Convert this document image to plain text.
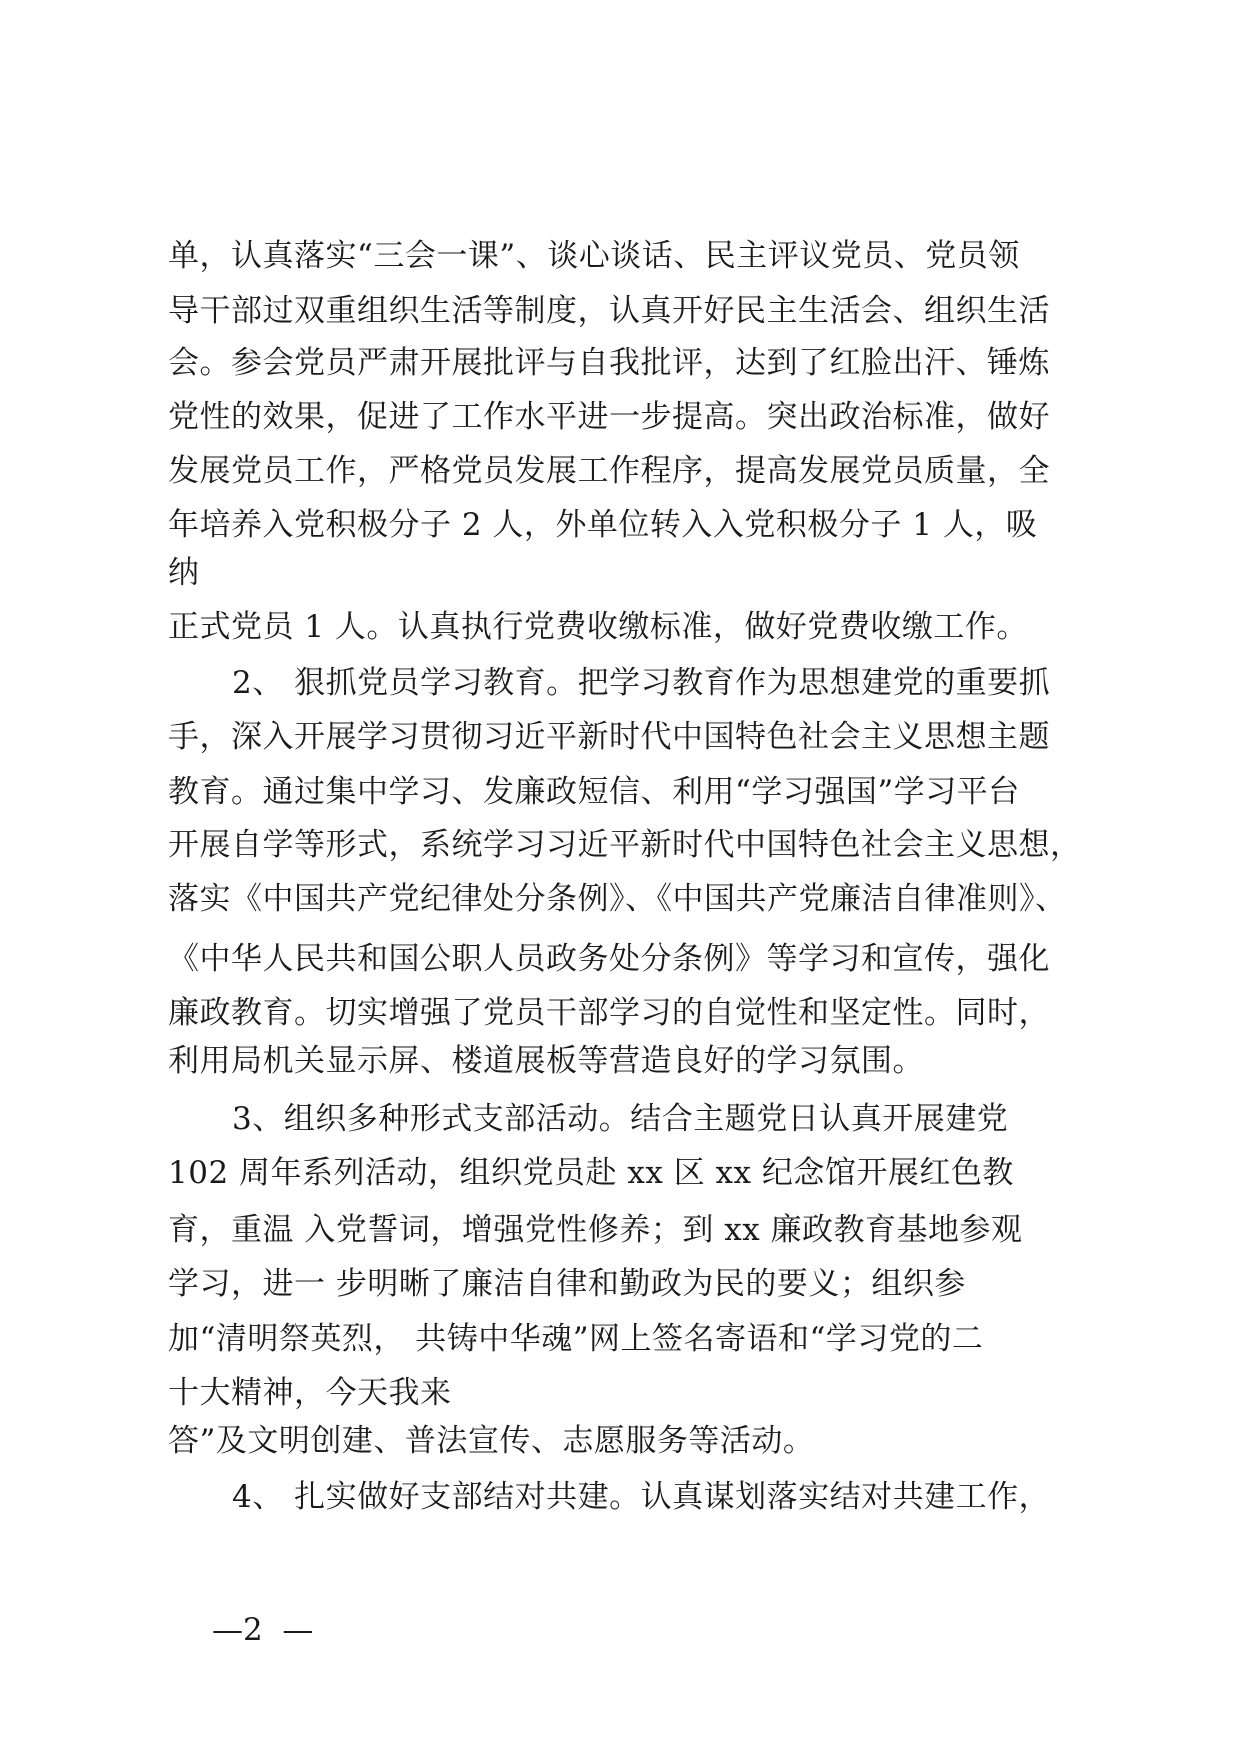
单，认真落实“三会一课”、谈心谈话、民主评议党员、党员领
导干部过双重组织生活等制度，认真开好民主生活会、组织生活
会。参会党员严肃开展批评与自我批评，达到了红脸出汗、锤炼
党性的效果，促进了工作水平进一步提高。突出政治标准，做好
发展党员工作，严格党员发展工作程序，提高发展党员质量，全
年培养入党积极分子 2 人，外单位转入入党积极分子 1 人，吸
纳
正式党员 1 人。认真执行党费收缴标准，做好党费收缴工作。
2、 狠抓党员学习教育。把学习教育作为思想建党的重要抓
手，深入开展学习贯彻习近平新时代中国特色社会主义思想主题
教育。通过集中学习、发廉政短信、利用“学习强国”学习平台
开展自学等形式，系统学习习近平新时代中国特色社会主义思想，
落实《中国共产党纪律处分条例》、《中国共产党廉洁自律准则》、
《中华人民共和国公职人员政务处分条例》等学习和宣传，强化
廉政教育。切实增强了党员干部学习的自觉性和坚定性。同时，
利用局机关显示屏、楼道展板等营造良好的学习氛围。
3、组织多种形式支部活动。结合主题党日认真开展建党
102 周年系列活动，组织党员赴 xx 区 xx 纪念馆开展红色教
育，重温 入党誓词，增强党性修养；到 xx 廉政教育基地参观
学习，进一 步明晰了廉洁自律和勤政为民的要义；组织参
加“清明祭英烈， 共铸中华魂”网上签名寄语和“学习党的二
十大精神，今天我来
答”及文明创建、普法宣传、志愿服务等活动。
4、 扎实做好支部结对共建。认真谋划落实结对共建工作，
—2  —
